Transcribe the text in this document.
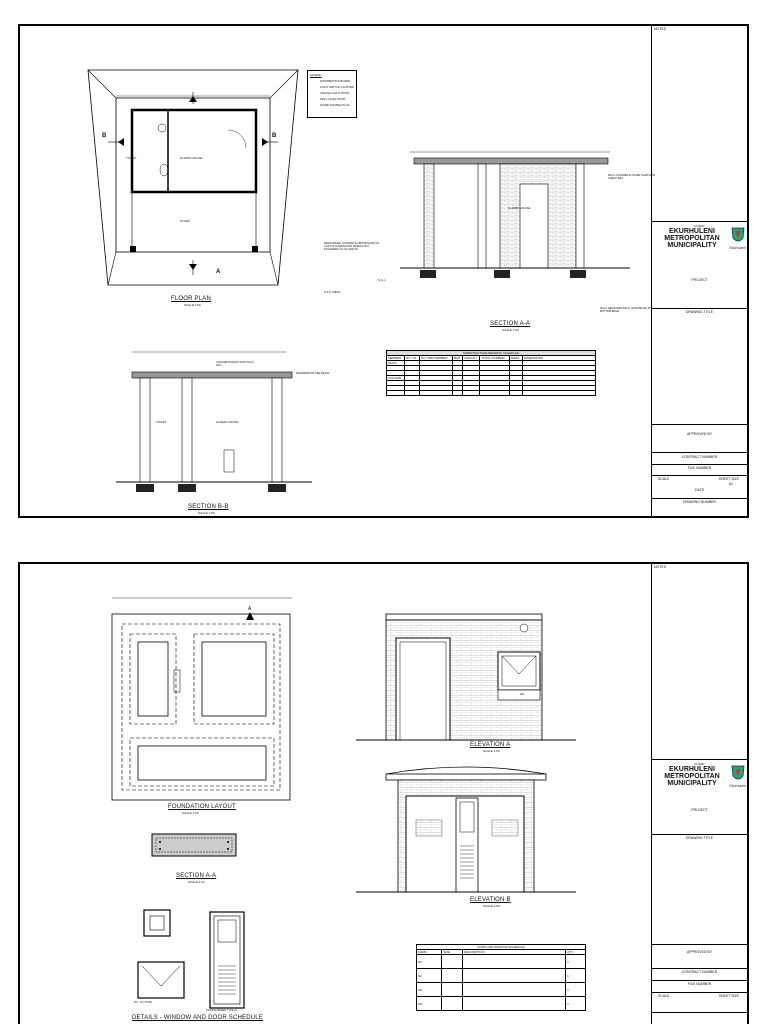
TOILET	GUARD HOUSE
STOEP
B	B
A
FLOOR PLAN
SCALE 1:50
LEGEND
DISTRIBUTION BOARD
LIGHT SWITCH CLUSTER
CEILING LIGHT POINT
WALL LIGHT POINT
15AMP DOUBLE PLUG
GUARD HOUSE
REINFORCED CONCRETE APRON(SLAB) ON CAST IN ALTERNATIVE PANELS NOT EXCEEDING 3m IN LENGTH
N.G.L.
H.F.S. MESH
80mm CONCRETE COVER SLAB WITH CHECK BAG
30mm RECESSED INFILL WITH BEVEL AT BOTTOM EDGE
SECTION A-A
SCALE 1:50
TOILET	GUARD HOUSE
CONCRETE ROOF WITH 10mm FALL
WATERPROOF SEE DETAIL
SECTION B-B
SCALE 1:50
SUBSTRUCTURE BENDING SCHEDULE							
MEMBER	NO. OF	NO. PER MEMBER	BAR	LENGTH	TOTAL NUMBER	MARK	DIMENSIONS
ROOF							

COLUMN							

NOTES
CLIENT
EKURHULENI METROPOLITAN MUNICIPALITY	Ekurhuleni
PROJECT
DRAWING TITLE
APPROVED BY
CONTRACT NUMBER
FILE NUMBER
SCALE	SHEET SIZE
A1
DATE
DRAWING NUMBER
A
FOUNDATION LAYOUT
SCALE 1:50
SECTION A-A
SCALE 1:10
W1 - W (TYPE)
TRANSFORMER TYPE (4)
DETAILS - WINDOW AND DOOR SCHEDULE
W1
ELEVATION A
SCALE 1:50
ELEVATION B
SCALE 1:50
DOOR AND WINDOW SCHEDULE			
MARK	SIZE	DESCRIPTION	QTY
D1			1
D2			1
W1			1
W2			1
NOTES
CLIENT
EKURHULENI METROPOLITAN MUNICIPALITY	Ekurhuleni
PROJECT
DRAWING TITLE
APPROVED BY
CONTRACT NUMBER
FILE NUMBER
SCALE	SHEET SIZE
